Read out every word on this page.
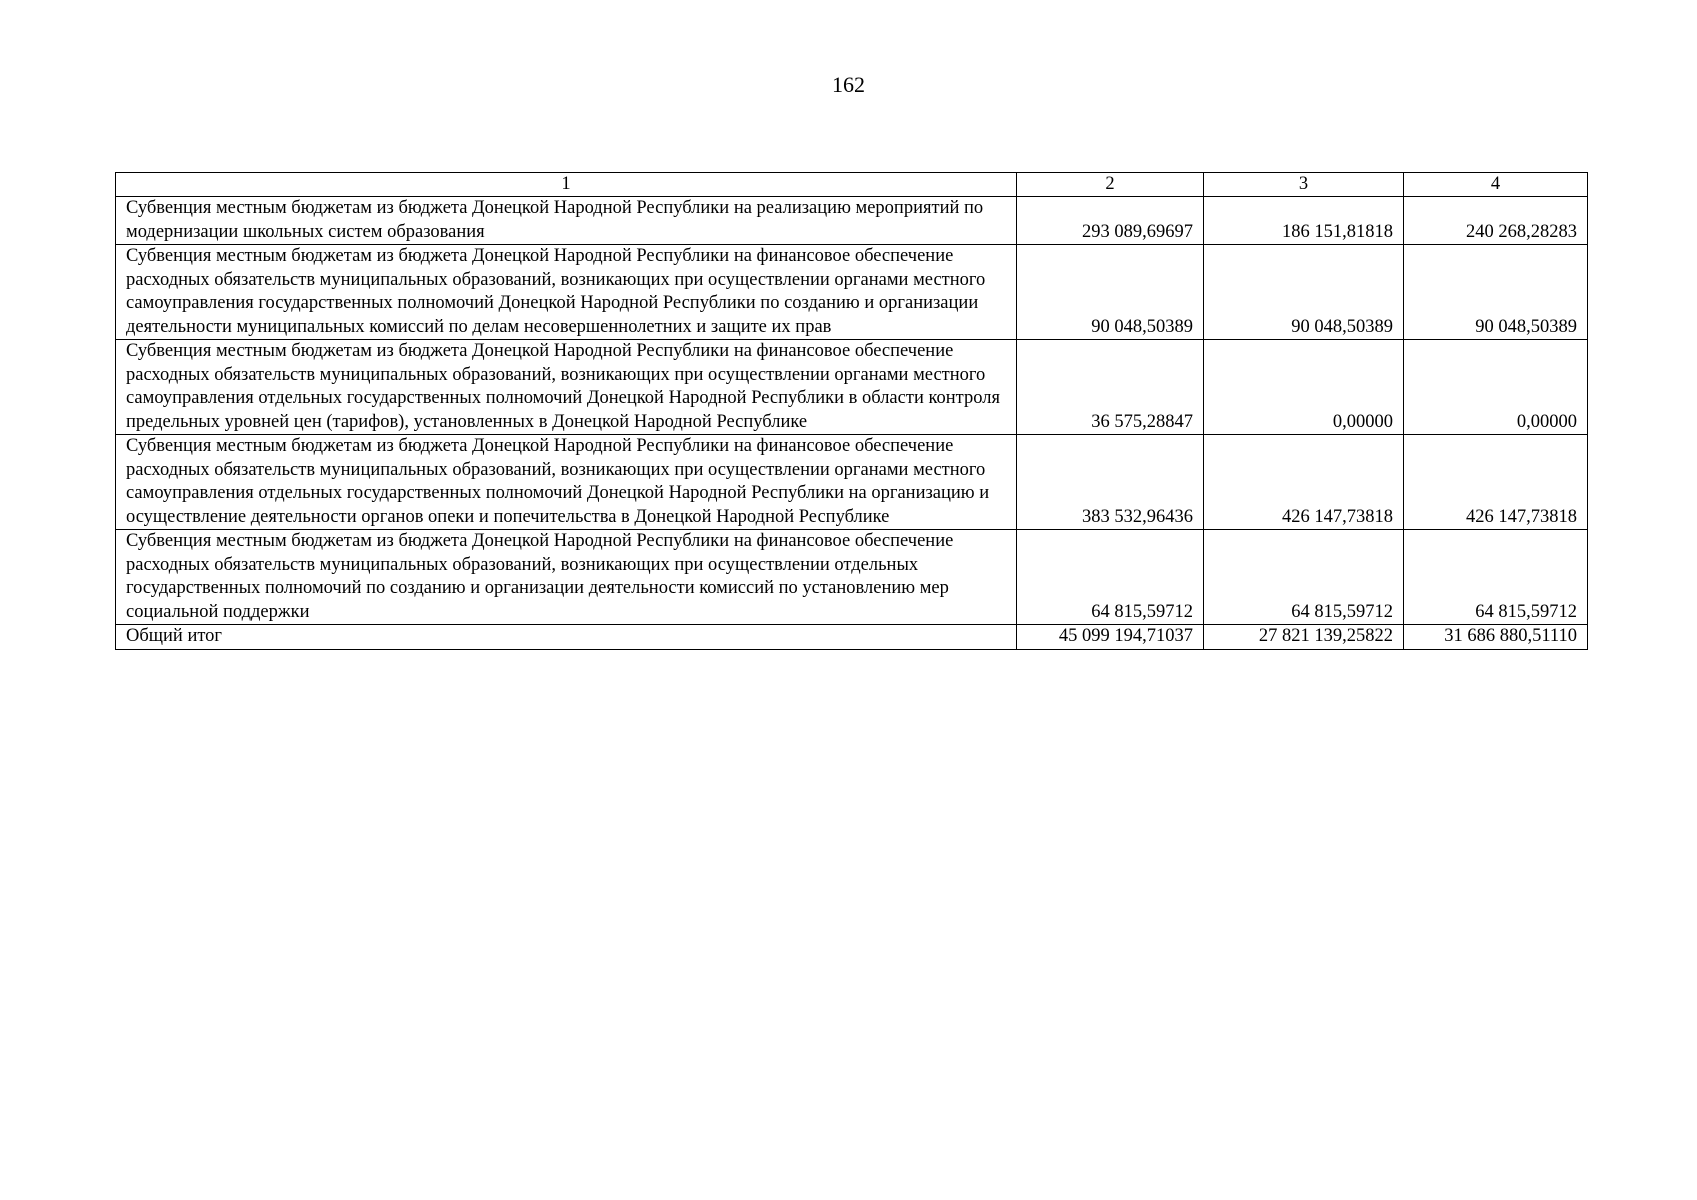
162
1	2	3	4
Субвенция местным бюджетам из бюджета Донецкой Народной Республики на реализацию мероприятий по модернизации школьных систем образования	293 089,69697	186 151,81818	240 268,28283
Субвенция местным бюджетам из бюджета Донецкой Народной Республики на финансовое обеспечение расходных обязательств муниципальных образований, возникающих при осуществлении органами местного самоуправления государственных полномочий Донецкой Народной Республики по созданию и организации деятельности муниципальных комиссий по делам несовершеннолетних и защите их прав	90 048,50389	90 048,50389	90 048,50389
Субвенция местным бюджетам из бюджета Донецкой Народной Республики на финансовое обеспечение расходных обязательств муниципальных образований, возникающих при осуществлении органами местного самоуправления отдельных государственных полномочий Донецкой Народной Республики в области контроля предельных уровней цен (тарифов), установленных в Донецкой Народной Республике	36 575,28847	0,00000	0,00000
Субвенция местным бюджетам из бюджета Донецкой Народной Республики на финансовое обеспечение расходных обязательств муниципальных образований, возникающих при осуществлении органами местного самоуправления отдельных государственных полномочий Донецкой Народной Республики на организацию и осуществление деятельности органов опеки и попечительства в Донецкой Народной Республике	383 532,96436	426 147,73818	426 147,73818
Субвенция местным бюджетам из бюджета Донецкой Народной Республики на финансовое обеспечение расходных обязательств муниципальных образований, возникающих при осуществлении отдельных государственных полномочий по созданию и организации деятельности комиссий по установлению мер социальной поддержки	64 815,59712	64 815,59712	64 815,59712
Общий итог	45 099 194,71037	27 821 139,25822	31 686 880,51110
